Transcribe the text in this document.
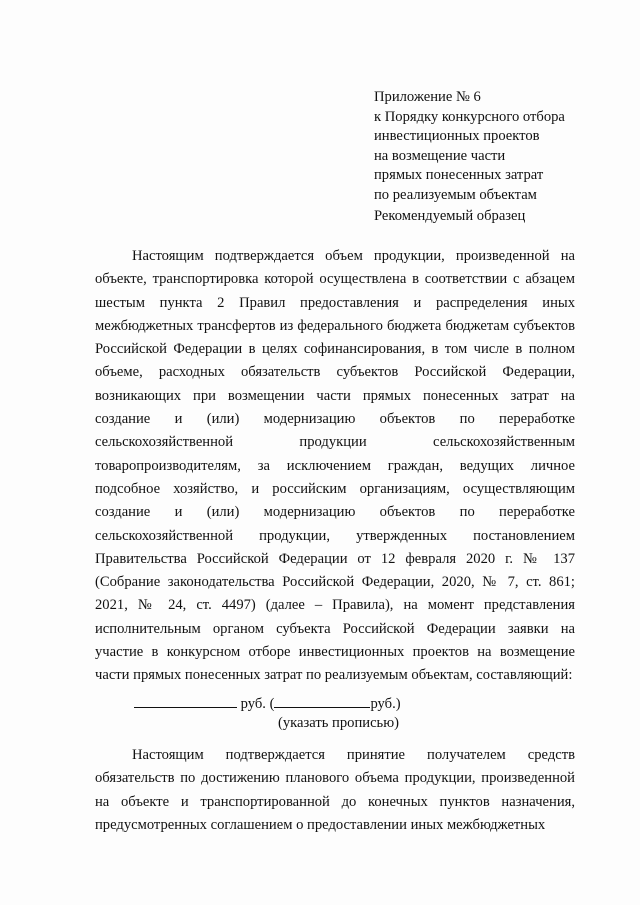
Приложение № 6
к Порядку конкурсного отбора
инвестиционных проектов
на возмещение части
прямых понесенных затрат
по реализуемым объектам
Рекомендуемый образец

Настоящим подтверждается объем продукции, произведенной на объекте, транспортировка которой осуществлена в соответствии с абзацем шестым пункта 2 Правил предоставления и распределения иных межбюджетных трансфертов из федерального бюджета бюджетам субъектов Российской Федерации в целях софинансирования, в том числе в полном объеме, расходных обязательств субъектов Российской Федерации, возникающих при возмещении части прямых понесенных затрат на создание и (или) модернизацию объектов по переработке сельскохозяйственной продукции сельскохозяйственным товаропроизводителям, за исключением граждан, ведущих личное подсобное хозяйство, и российским организациям, осуществляющим создание и (или) модернизацию объектов по переработке сельскохозяйственной продукции, утвержденных постановлением Правительства Российской Федерации от 12 февраля 2020 г. № 137 (Собрание законодательства Российской Федерации, 2020, № 7, ст. 861; 2021, № 24, ст. 4497) (далее – Правила), на момент представления исполнительным органом субъекта Российской Федерации заявки на участие в конкурсном отборе инвестиционных проектов на возмещение части прямых понесенных затрат по реализуемым объектам, составляющий:

руб. (	руб.)
(указать прописью)

Настоящим подтверждается принятие получателем средств обязательств по достижению планового объема продукции, произведенной на объекте и транспортированной до конечных пунктов назначения, предусмотренных соглашением о предоставлении иных межбюджетных
